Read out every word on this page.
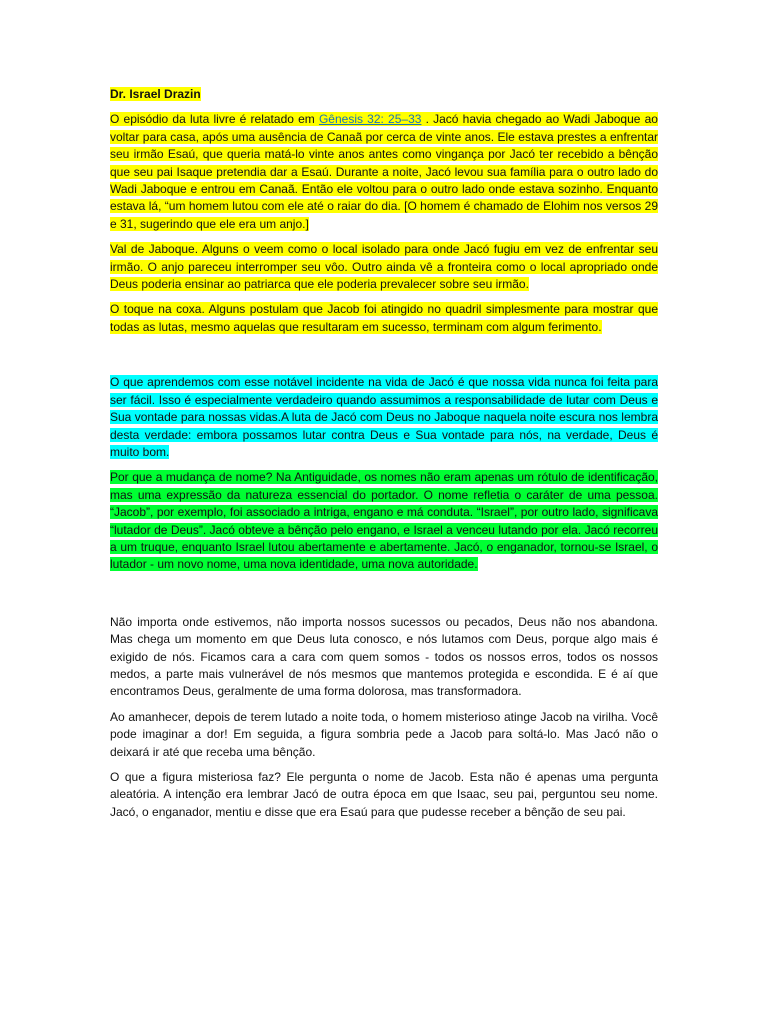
Dr. Israel Drazin

O episódio da luta livre é relatado em Gênesis 32: 25–33 . Jacó havia chegado ao Wadi Jaboque ao voltar para casa, após uma ausência de Canaã por cerca de vinte anos. Ele estava prestes a enfrentar seu irmão Esaú, que queria matá-lo vinte anos antes como vingança por Jacó ter recebido a bênção que seu pai Isaque pretendia dar a Esaú. Durante a noite, Jacó levou sua família para o outro lado do Wadi Jaboque e entrou em Canaã. Então ele voltou para o outro lado onde estava sozinho. Enquanto estava lá, “um homem lutou com ele até o raiar do dia. [O homem é chamado de Elohim nos versos 29 e 31, sugerindo que ele era um anjo.]

Val de Jaboque. Alguns o veem como o local isolado para onde Jacó fugiu em vez de enfrentar seu irmão. O anjo pareceu interromper seu vôo. Outro ainda vê a fronteira como o local apropriado onde Deus poderia ensinar ao patriarca que ele poderia prevalecer sobre seu irmão.

O toque na coxa. Alguns postulam que Jacob foi atingido no quadril simplesmente para mostrar que todas as lutas, mesmo aquelas que resultaram em sucesso, terminam com algum ferimento.

O que aprendemos com esse notável incidente na vida de Jacó é que nossa vida nunca foi feita para ser fácil. Isso é especialmente verdadeiro quando assumimos a responsabilidade de lutar com Deus e Sua vontade para nossas vidas.A luta de Jacó com Deus no Jaboque naquela noite escura nos lembra desta verdade: embora possamos lutar contra Deus e Sua vontade para nós, na verdade, Deus é muito bom.

Por que a mudança de nome? Na Antiguidade, os nomes não eram apenas um rótulo de identificação, mas uma expressão da natureza essencial do portador. O nome refletia o caráter de uma pessoa. “Jacob”, por exemplo, foi associado a intriga, engano e má conduta. “Israel”, por outro lado, significava “lutador de Deus”. Jacó obteve a bênção pelo engano, e Israel a venceu lutando por ela. Jacó recorreu a um truque, enquanto Israel lutou abertamente e abertamente. Jacó, o enganador, tornou-se Israel, o lutador - um novo nome, uma nova identidade, uma nova autoridade.

Não importa onde estivemos, não importa nossos sucessos ou pecados, Deus não nos abandona. Mas chega um momento em que Deus luta conosco, e nós lutamos com Deus, porque algo mais é exigido de nós. Ficamos cara a cara com quem somos - todos os nossos erros, todos os nossos medos, a parte mais vulnerável de nós mesmos que mantemos protegida e escondida. E é aí que encontramos Deus, geralmente de uma forma dolorosa, mas transformadora.

Ao amanhecer, depois de terem lutado a noite toda, o homem misterioso atinge Jacob na virilha. Você pode imaginar a dor! Em seguida, a figura sombria pede a Jacob para soltá-lo. Mas Jacó não o deixará ir até que receba uma bênção.

O que a figura misteriosa faz? Ele pergunta o nome de Jacob. Esta não é apenas uma pergunta aleatória. A intenção era lembrar Jacó de outra época em que Isaac, seu pai, perguntou seu nome. Jacó, o enganador, mentiu e disse que era Esaú para que pudesse receber a bênção de seu pai.
